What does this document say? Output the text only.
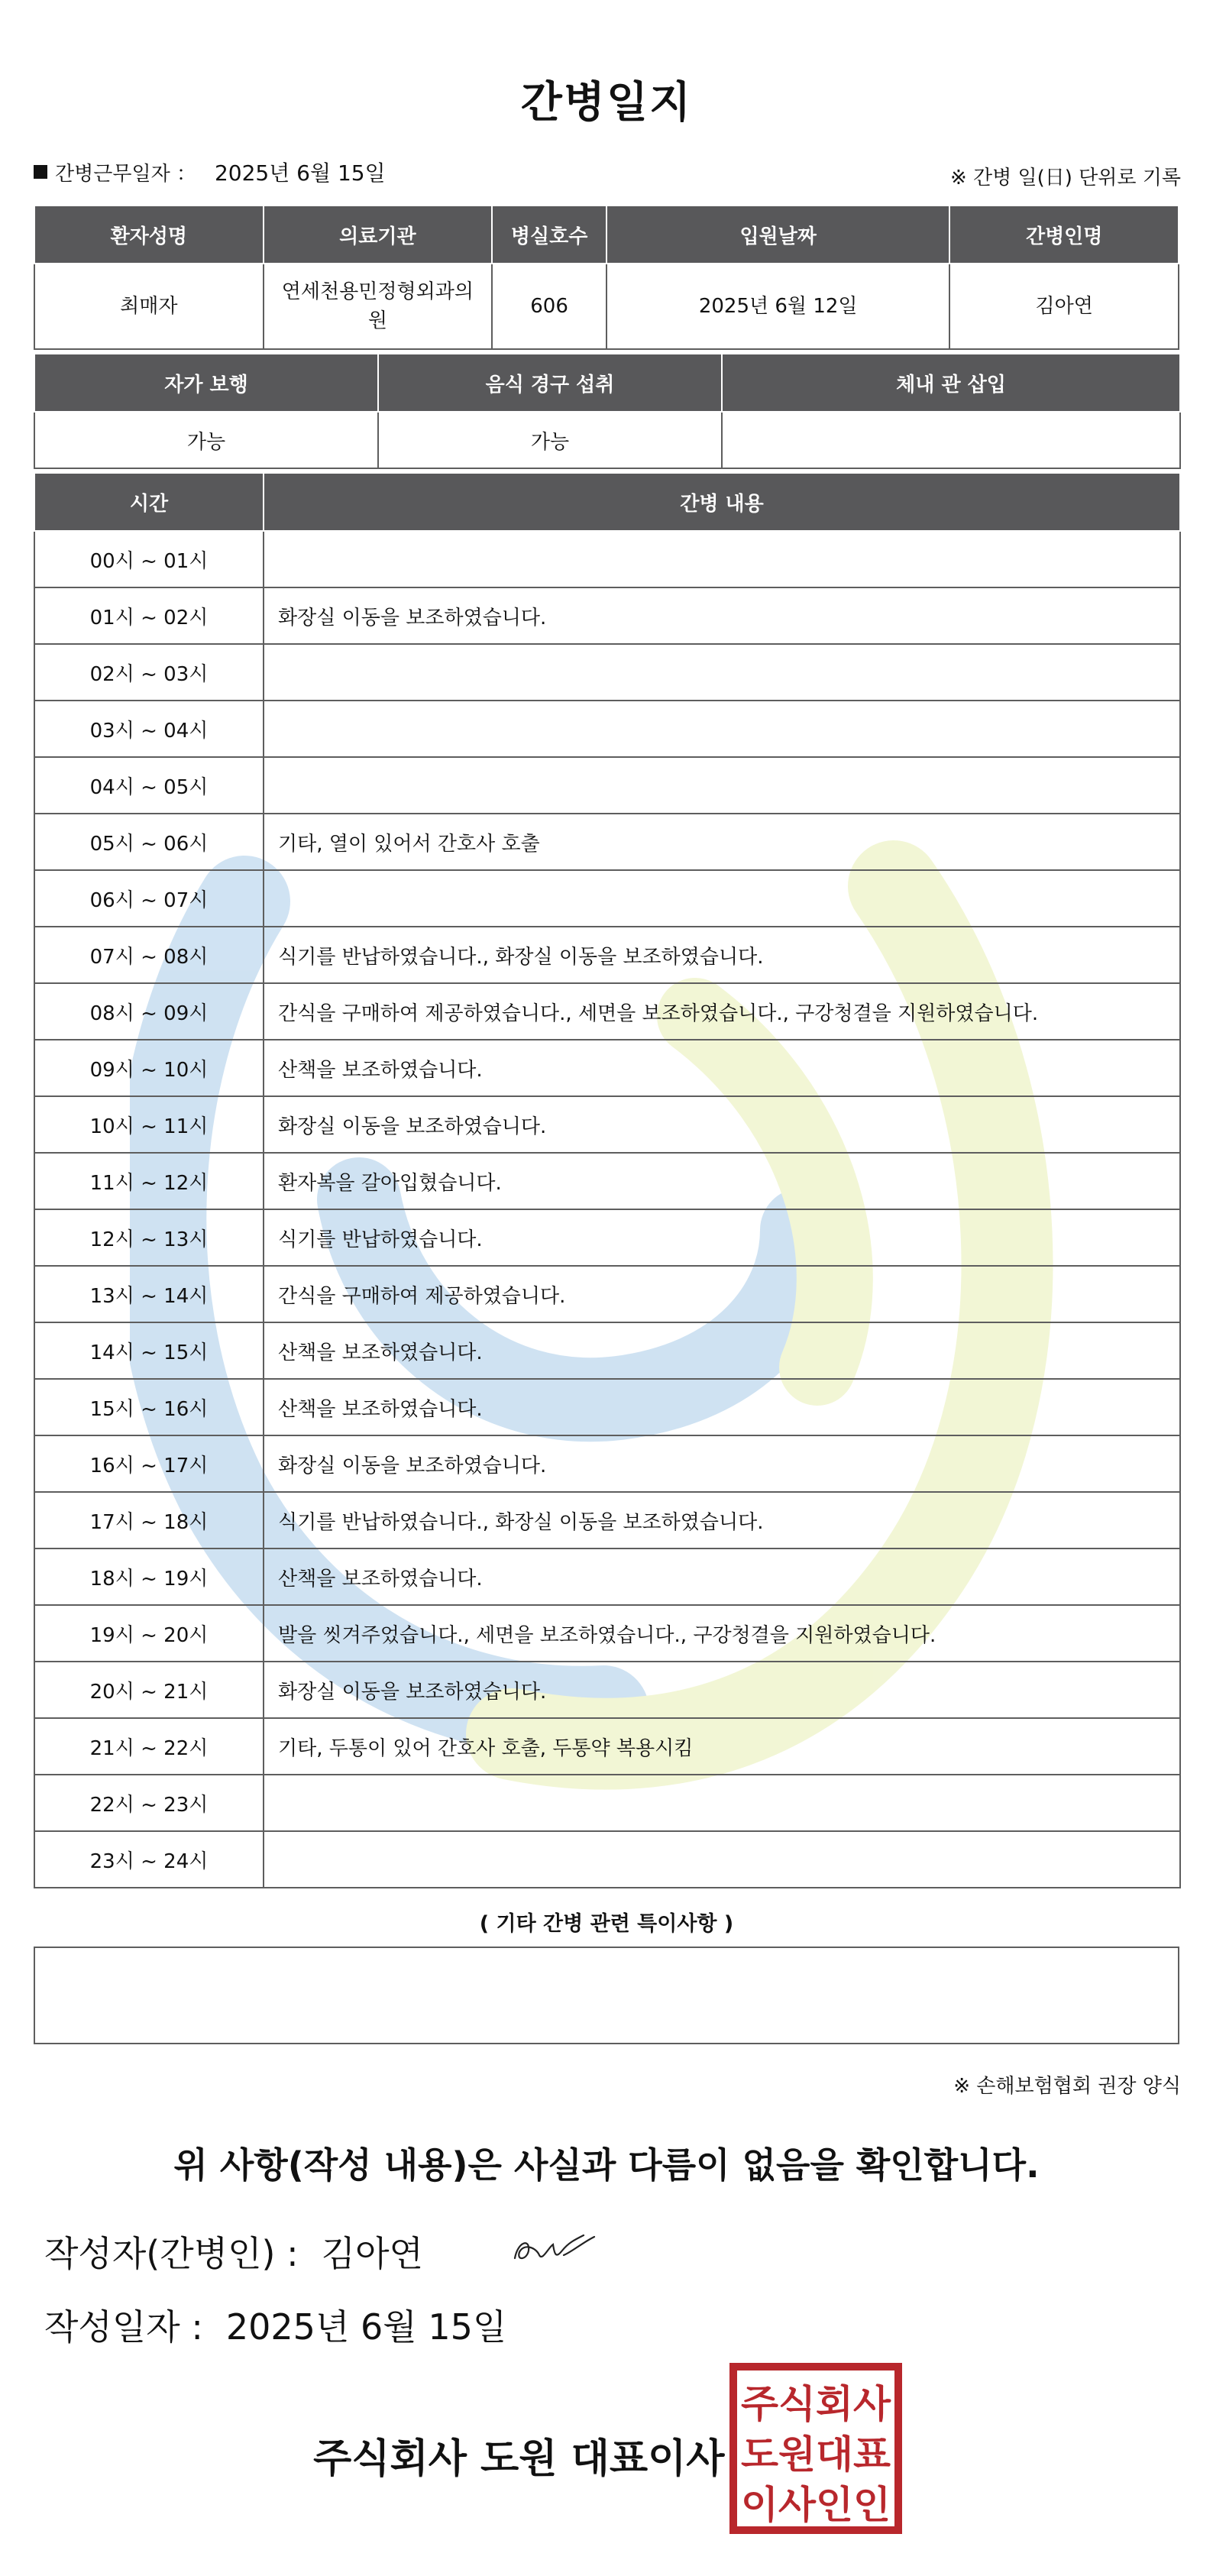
간병일지
간병근무일자 ： 2025년 6월 15일	※ 간병 일(日) 단위로 기록
환자성명	의료기관	병실호수	입원날짜	간병인명
최매자	연세천용민정형외과의원	606	2025년 6월 12일	김아연
자가 보행	음식 경구 섭취	체내 관 삽입
가능	가능	
시간	간병 내용
00시 ~ 01시	
01시 ~ 02시	화장실 이동을 보조하였습니다.
02시 ~ 03시	
03시 ~ 04시	
04시 ~ 05시	
05시 ~ 06시	기타, 열이 있어서 간호사 호출
06시 ~ 07시	
07시 ~ 08시	식기를 반납하였습니다., 화장실 이동을 보조하였습니다.
08시 ~ 09시	간식을 구매하여 제공하였습니다., 세면을 보조하였습니다., 구강청결을 지원하였습니다.
09시 ~ 10시	산책을 보조하였습니다.
10시 ~ 11시	화장실 이동을 보조하였습니다.
11시 ~ 12시	환자복을 갈아입혔습니다.
12시 ~ 13시	식기를 반납하였습니다.
13시 ~ 14시	간식을 구매하여 제공하였습니다.
14시 ~ 15시	산책을 보조하였습니다.
15시 ~ 16시	산책을 보조하였습니다.
16시 ~ 17시	화장실 이동을 보조하였습니다.
17시 ~ 18시	식기를 반납하였습니다., 화장실 이동을 보조하였습니다.
18시 ~ 19시	산책을 보조하였습니다.
19시 ~ 20시	발을 씻겨주었습니다., 세면을 보조하였습니다., 구강청결을 지원하였습니다.
20시 ~ 21시	화장실 이동을 보조하였습니다.
21시 ~ 22시	기타, 두통이 있어 간호사 호출, 두통약 복용시킴
22시 ~ 23시	
23시 ~ 24시	
( 기타 간병 관련 특이사항 )
※ 손해보험협회 권장 양식
위 사항(작성 내용)은 사실과 다름이 없음을 확인합니다.
작성자(간병인) : 김아연
작성일자 : 2025년 6월 15일
주식회사 도원 대표이사
주식회사
도원대표
이사인인
